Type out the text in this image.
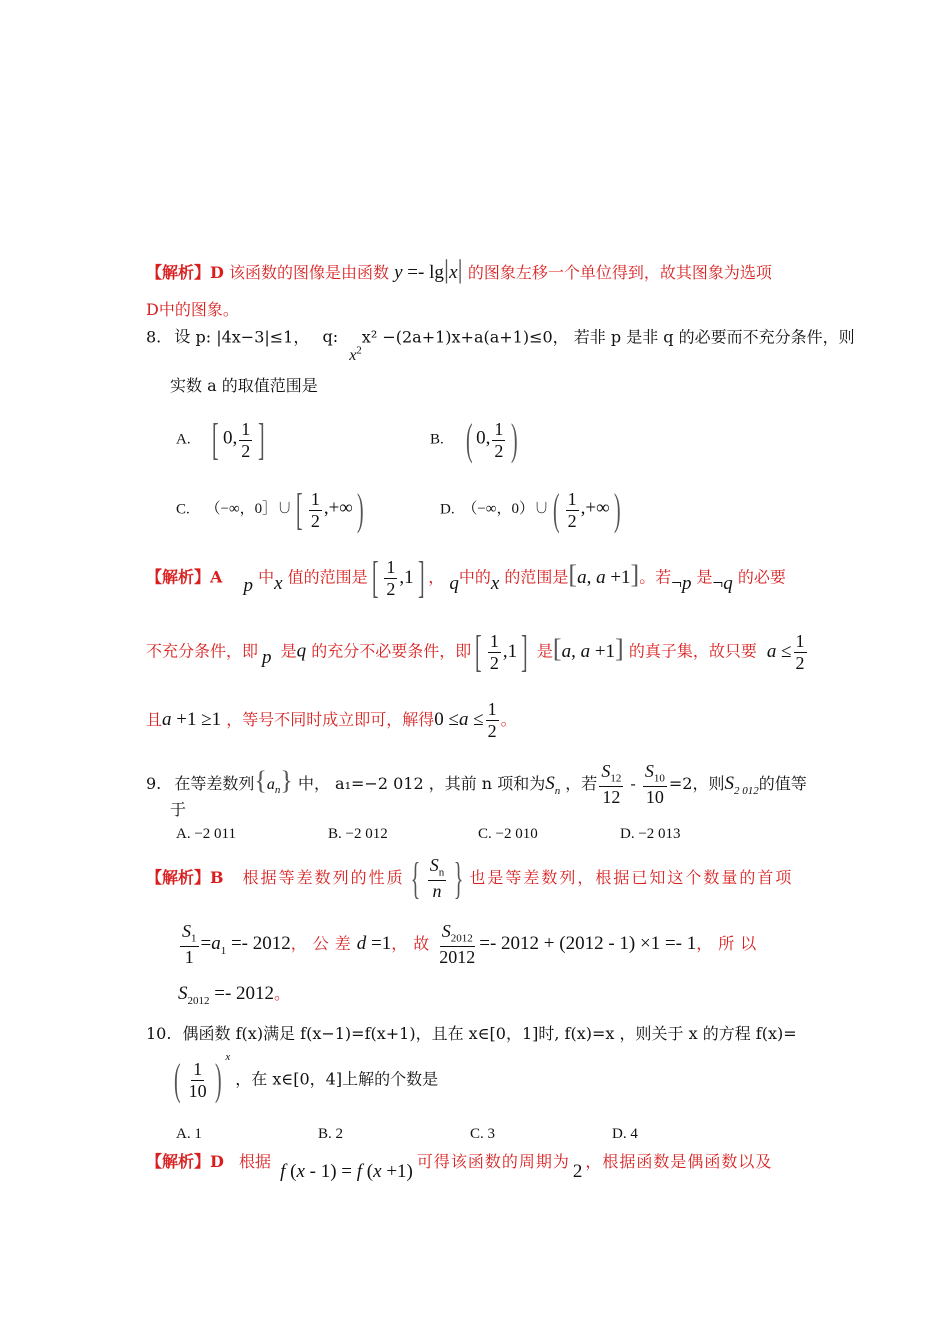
【解析】D 该函数的图像是由函数 y =- lg|x| 的图象左移一个单位得到，故其图象为选项
D中的图象。
8. 设 p: |4x−3|≤1， q: $x^2x^2 -(2a+1)x+a(a+1)\le 0$， 若非 p 是非 q 的必要而不充分条件，则
实数 a 的取值范围是
A. [ 0, $\frac{1}{2}$ ]	B. ( 0, $\frac{1}{2}$ )
C. （−∞，0］∪[ $\frac{1}{2}$ ,+∞)	D. （−∞，0）∪( $\frac{1}{2}$ ,+∞)
【解析】A p 中x 值的范围是[ $\frac{1}{2} ,1$] ， q中的x 的范围是[a, a +1]。若¬p 是¬q 的必要
不充分条件，即 p 是q 的充分不必要条件，即[ $\frac{1}{2} ,1$] 是[a, a +1] 的真子集，故只要 $a \le \frac{1}{2}$
且a +1 ≥1 ，等号不同时成立即可，解得$0 \le a \le \frac{1}{2}$ 。
9. 在等差数列$\{a_n\}$ 中， a₁=−2 012 ，其前 n 项和为$S_n$ ，若 $\frac{S_{12}}{12} - \frac{S_{10}}{10} =2$，则$S_{2 012}$的值等
于
A. −2 011	B. −2 012	C. −2 010	D. −2 013
【解析】B 根据等差数列的性质 { $\frac{S_n}{n}$ } 也是等差数列，根据已知这个数量的首项
$\frac{S_1}{1} =a_1 =- 2012$，公差d =1，故 $\frac{S_{2012}}{2012} =- 2012 + (2012 - 1) \times 1 =- 1$，所以
$S_{2012} =- 2012$。
10. 偶函数 f(x)满足 f(x−1)=f(x+1)，且在 x∈[0，1]时, f(x)=x ，则关于 x 的方程 f(x)=
( $\frac{1}{10}$ ) $^x$ ，在 x∈[0，4]上解的个数是
A. 1	B. 2	C. 3	D. 4
【解析】D 根据 f (x - 1) = f (x +1) 可得该函数的周期为 2 ，根据函数是偶函数以及
